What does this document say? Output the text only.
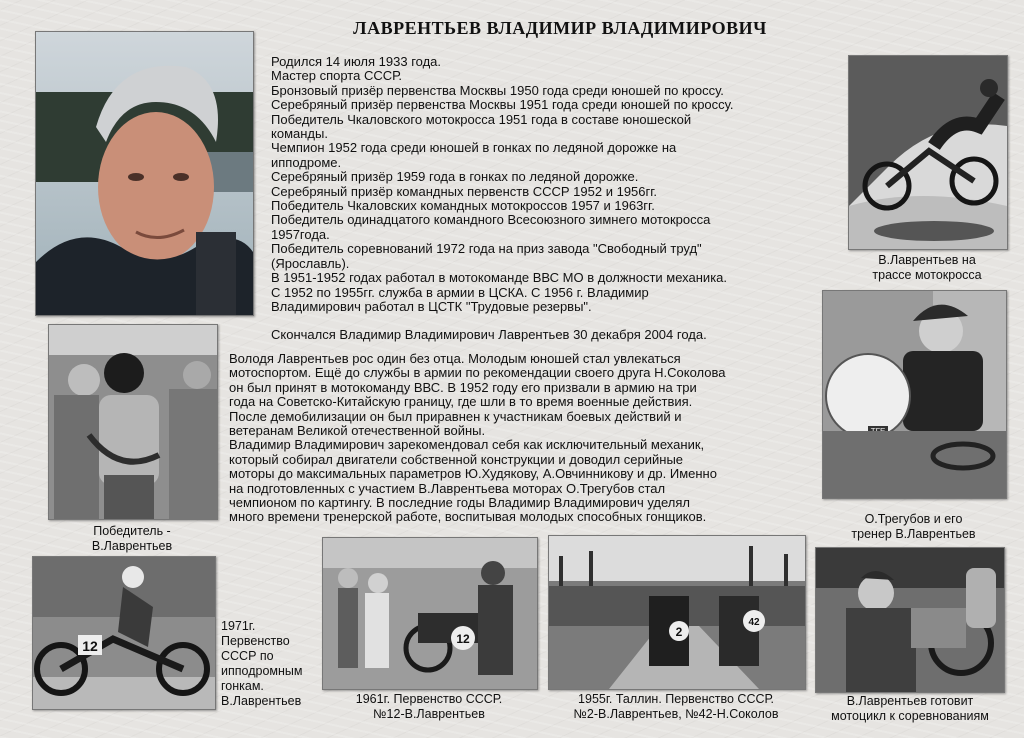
ЛАВРЕНТЬЕВ ВЛАДИМИР ВЛАДИМИРОВИЧ

Родился 14 июля 1933 года.

Мастер спорта СССР.

Бронзовый призёр первенства Москвы 1950 года среди юношей по кроссу.

Серебряный призёр первенства Москвы 1951 года среди юношей по кроссу.

Победитель Чкаловского мотокросса 1951 года в составе юношеской

команды.

Чемпион 1952 года среди юношей в гонках по ледяной дорожке на

ипподроме.

Серебряный призёр 1959 года в гонках по ледяной дорожке.

Серебряный призёр командных первенств СССР 1952 и 1956гг.

Победитель Чкаловских командных мотокроссов 1957 и 1963гг.

Победитель одинадцатого командного Всесоюзного зимнего мотокросса

1957года.

Победитель соревнований 1972 года на приз завода "Свободный труд"

(Ярославль).

В 1951-1952 годах работал в мотокоманде ВВС МО в должности механика.

С 1952 по 1955гг. служба в армии в ЦСКА. С 1956 г. Владимир

Владимирович работал в ЦСТК "Трудовые резервы".

Скончался Владимир Владимирович Лаврентьев 30 декабря 2004 года.

Володя Лаврентьев рос один без отца. Молодым юношей стал увлекаться

мотоспортом. Ещё до службы в армии по рекомендации своего друга Н.Соколова

он был принят в мотокоманду ВВС. В 1952 году его призвали в армию на три

года на Советско-Китайскую границу, где шли в то время военные действия.

После демобилизации он был приравнен к участникам боевых действий и

ветеранам Великой отечественной войны.

Владимир Владимирович зарекомендовал себя как исключительный механик,

который собирал двигатели собственной конструкции и доводил серийные

моторы до максимальных параметров Ю.Худякову, А.Овчинникову и др. Именно

на подготовленных с участием В.Лаврентьева моторах О.Трегубов стал

чемпионом по картингу. В последние годы Владимир Владимирович уделял

много времени тренерской работе, воспитывая молодых способных гонщиков.

12	12	2
42
В.Лаврентьев на
трассе мотокросса
Победитель -
В.Лаврентьев
О.Трегубов и его
тренер В.Лаврентьев
1971г.
Первенство
СССР по
ипподромным
гонкам.
В.Лаврентьев	1961г. Первенство СССР.
№12-В.Лаврентьев
1955г. Таллин. Первенство СССР.
№2-В.Лаврентьев, №42-Н.Соколов
В.Лаврентьев готовит
мотоцикл к соревнованиям
